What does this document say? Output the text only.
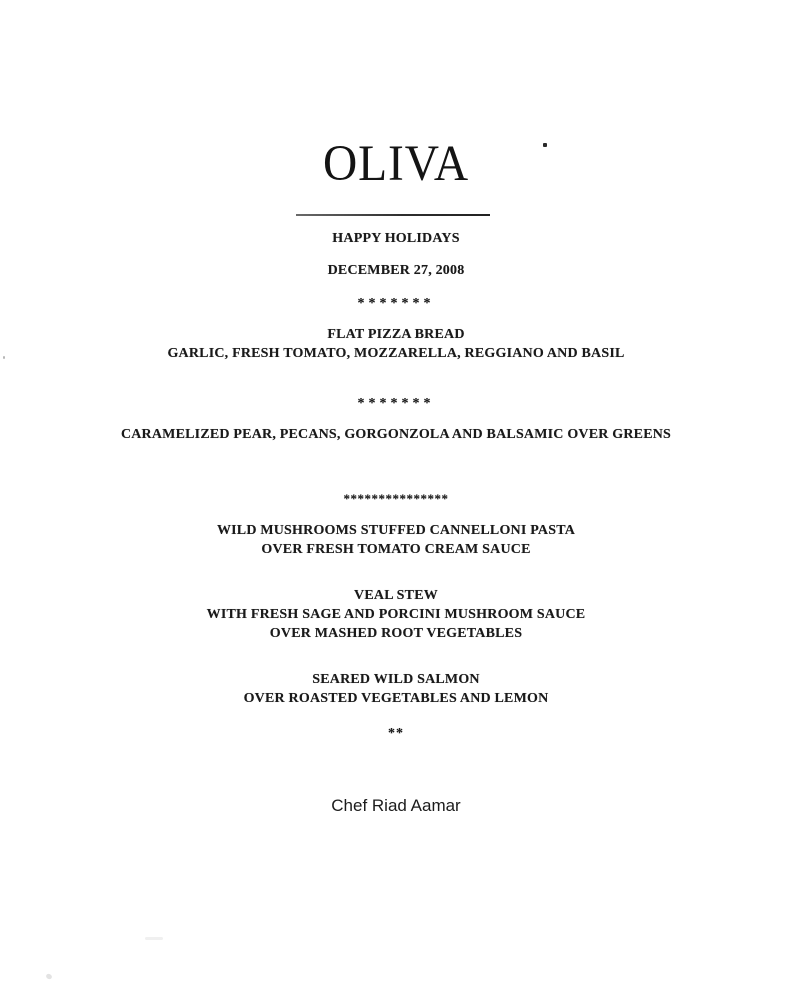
OLIVA
HAPPY HOLIDAYS
DECEMBER 27, 2008
*******
FLAT PIZZA BREAD
GARLIC, FRESH TOMATO, MOZZARELLA, REGGIANO AND BASIL
*******
CARAMELIZED PEAR, PECANS, GORGONZOLA AND BALSAMIC OVER GREENS
***************
WILD MUSHROOMS STUFFED CANNELLONI PASTA
OVER FRESH TOMATO CREAM SAUCE
VEAL STEW
WITH FRESH SAGE AND PORCINI MUSHROOM SAUCE
OVER MASHED ROOT VEGETABLES
SEARED WILD SALMON
OVER ROASTED VEGETABLES AND LEMON
**
Chef Riad Aamar
